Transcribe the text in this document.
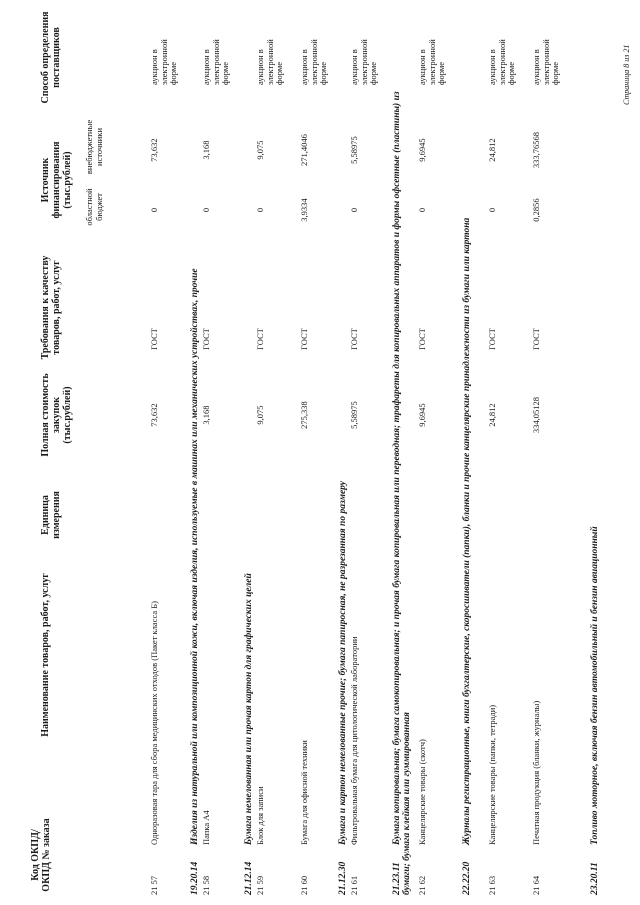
Код ОКПД/ ОКПД № заказа
Наименование товаров, работ, услуг
Единица измерения
Полная стоимость закупок (тыс.рублей)
Требования к качеству товаров, работ, услуг
Источник финансирования (тыс.рублей) областной бюджет
внебюджетные источники
Способ определения поставщиков
21 57
Одноразовая тара для сбора медицинских отходов (Пакет класса Б)
73,632
ГОСТ
0
73,632
аукцион в электронной форме
19.20.14Изделия из натуральной или композиционной кожи, включая изделия, используемые в машинах или механических устройствах, прочие
21 58
Папка А4
3,168
ГОСТ
0
3,168
аукцион в электронной форме
21.12.14Бумага немелованная или прочая картон для графических целей
21 59
Блок для записи
9,075
ГОСТ
0
9,075
аукцион в электронной форме
21 60
Бумага для офисной техники
275,338
ГОСТ
3,9334
271,4046
аукцион в электронной форме
21.12.30Бумага и картон немелованные прочие; бумага папиросная, не разрезанная по размеру
21 61
Фильтровальная бумага для цитологической лаборатории
5,58975
ГОСТ
0
5,58975
аукцион в электронной форме
21.23.11Бумага копировальная; бумага самокопировальная; и прочая бумага копировальная или переводная; трафареты для копировальных аппаратов и формы офсетные (пластины) из бумаги; бумага клейкая или гуммированная 21 62
Канцелярские товары (скотч)
9,6945
ГОСТ
0
9,6945
аукцион в электронной форме
22.22.20Журналы регистрационные, книги бухгалтерские, скоросшиватели (папки), бланки и прочие канцелярские принадлежности из бумаги или картона
21 63
Канцелярские товары (папки, тетради)
24,812
ГОСТ
0
24,812
аукцион в электронной форме
21 64
Печатная продукция (бланки, журналы)
334,05128
ГОСТ
0,2856
333,76568
аукцион в электронной форме
23.20.11Топливо моторное, включая бензин автомобильный и бензин авиационный
Страница 8 из 21
